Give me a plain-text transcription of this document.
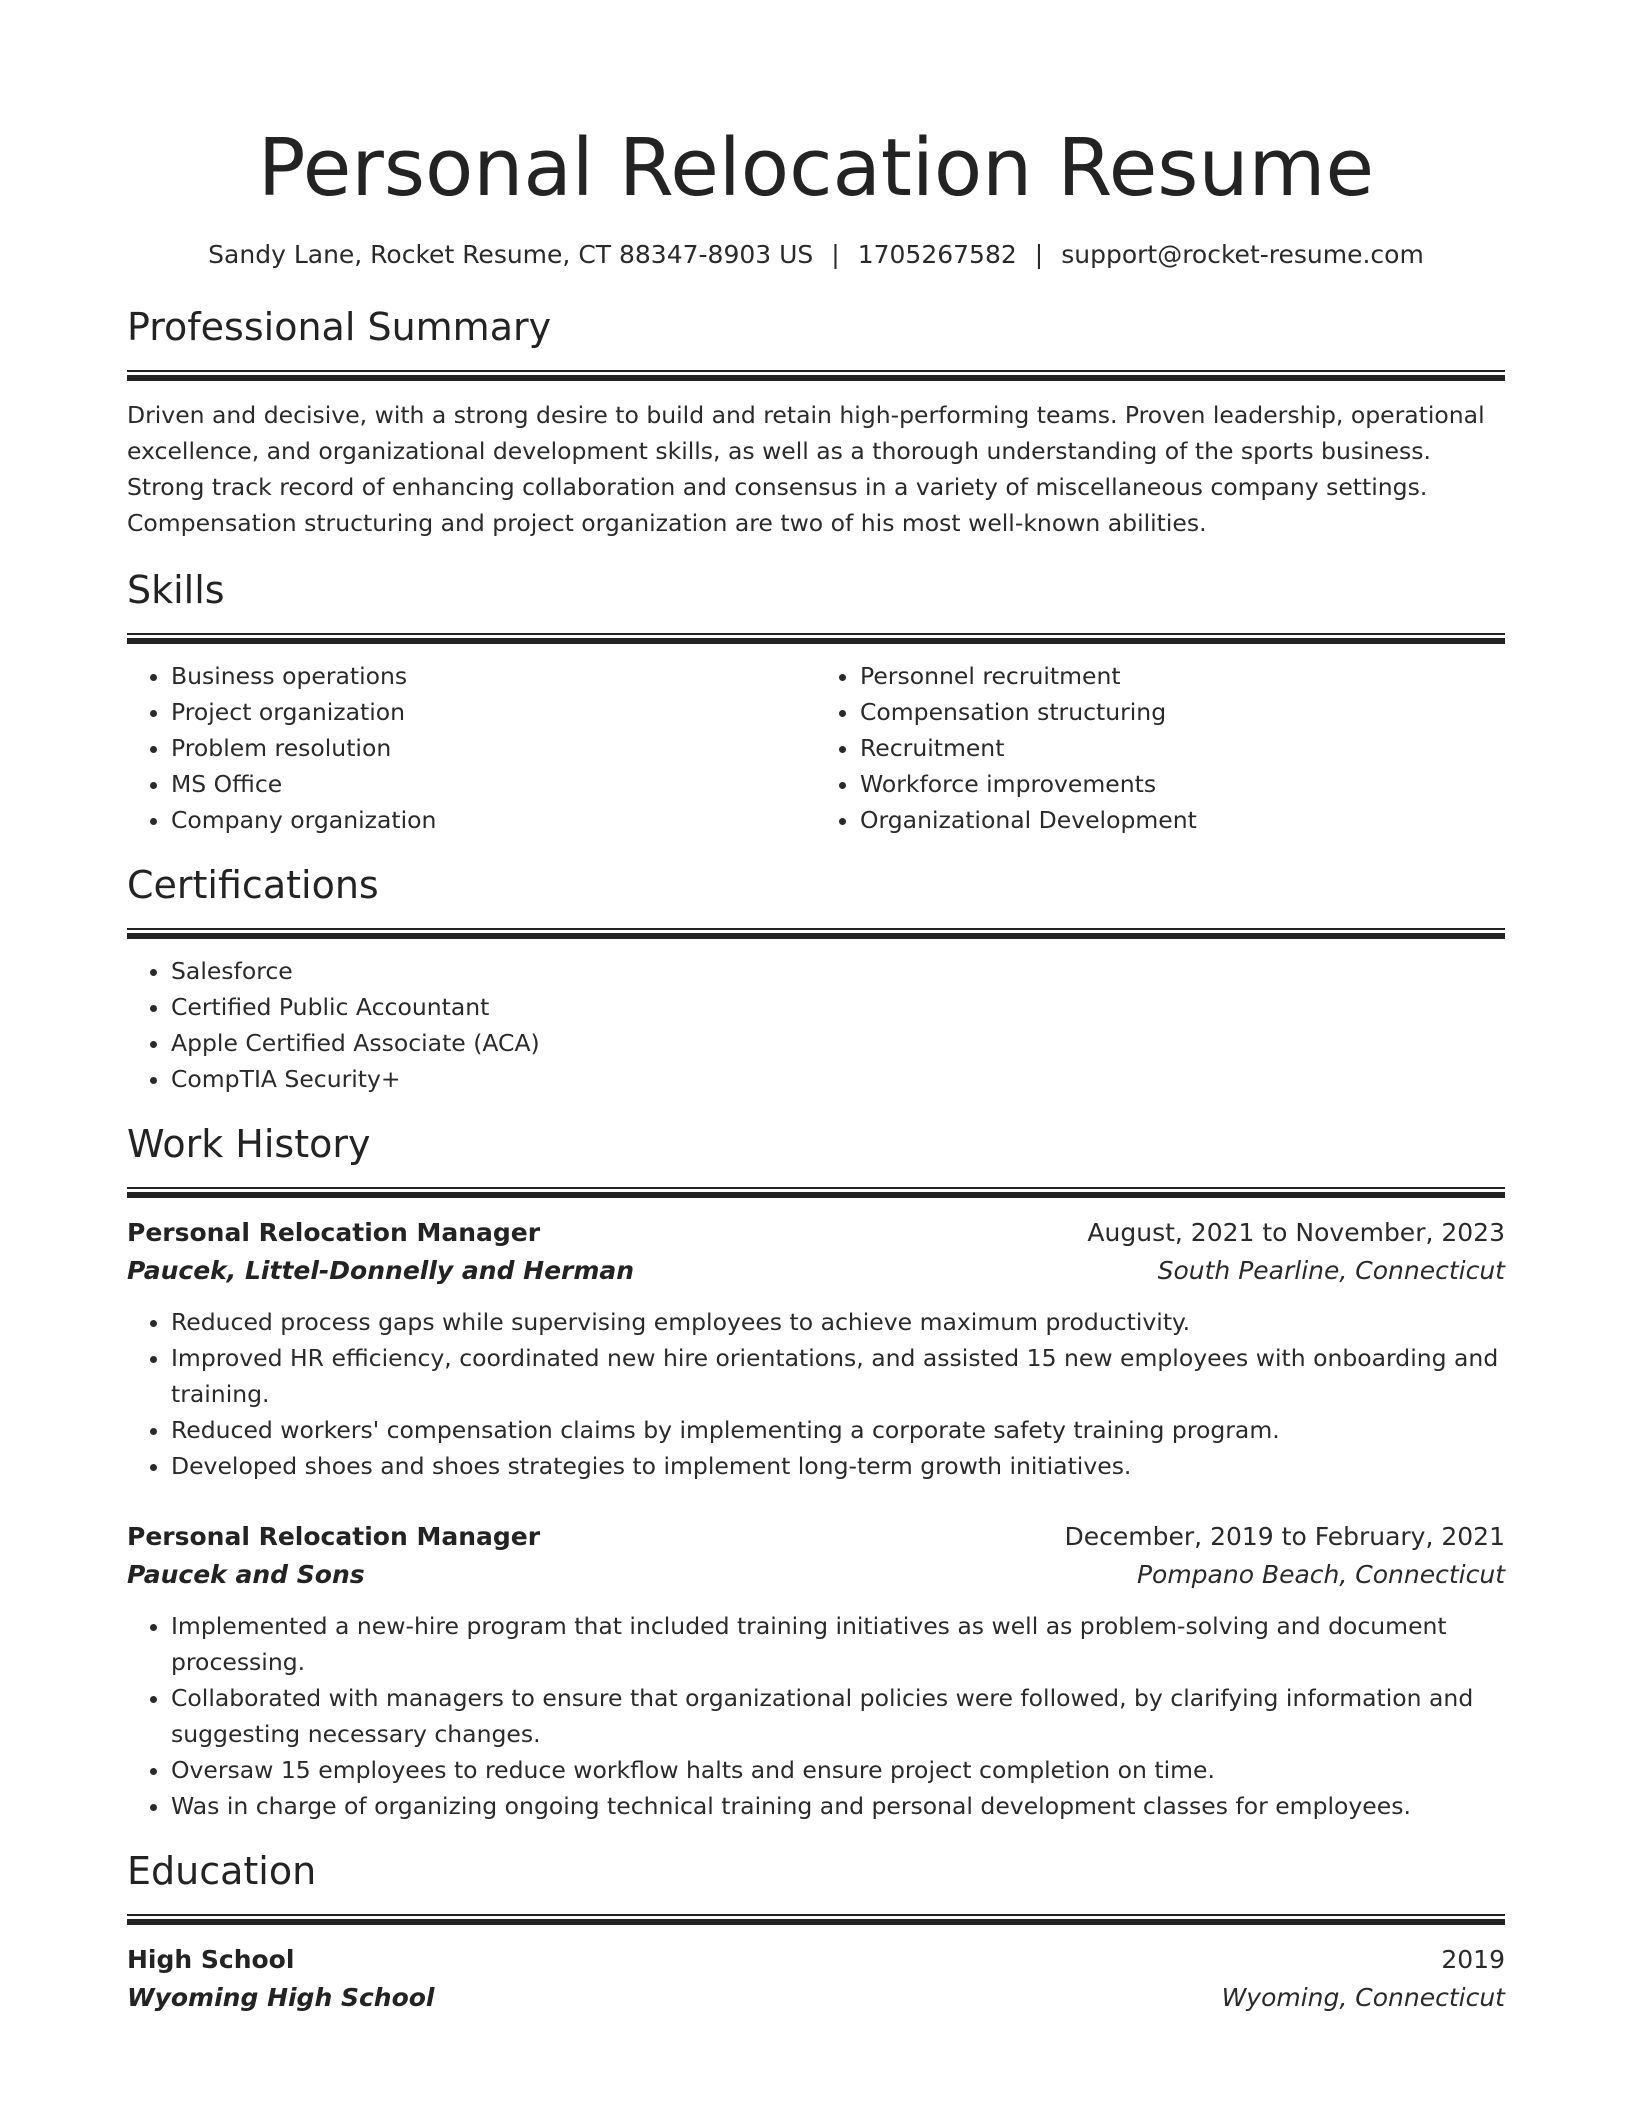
Personal Relocation Resume
Sandy Lane, Rocket Resume, CT 88347-8903 US | 1705267582 | support@rocket-resume.com
Professional Summary

Driven and decisive, with a strong desire to build and retain high-performing teams. Proven leadership, operational excellence, and organizational development skills, as well as a thorough understanding of the sports business. Strong track record of enhancing collaboration and consensus in a variety of miscellaneous company settings. Compensation structuring and project organization are two of his most well-known abilities.

Skills
• Business operations
• Project organization
• Problem resolution
• MS Office
• Company organization
• Personnel recruitment
• Compensation structuring
• Recruitment
• Workforce improvements
• Organizational Development
Certifications
• Salesforce
• Certified Public Accountant
• Apple Certified Associate (ACA)
• CompTIA Security+
Work History
Personal Relocation Manager	August, 2021 to November, 2023
Paucek, Littel-Donnelly and Herman	South Pearline, Connecticut
• Reduced process gaps while supervising employees to achieve maximum productivity.
• Improved HR efficiency, coordinated new hire orientations, and assisted 15 new employees with onboarding and training.
• Reduced workers' compensation claims by implementing a corporate safety training program.
• Developed shoes and shoes strategies to implement long-term growth initiatives.
Personal Relocation Manager	December, 2019 to February, 2021
Paucek and Sons	Pompano Beach, Connecticut
• Implemented a new-hire program that included training initiatives as well as problem-solving and document processing.
• Collaborated with managers to ensure that organizational policies were followed, by clarifying information and suggesting necessary changes.
• Oversaw 15 employees to reduce workflow halts and ensure project completion on time.
• Was in charge of organizing ongoing technical training and personal development classes for employees.
Education
High School	2019
Wyoming High School	Wyoming, Connecticut
